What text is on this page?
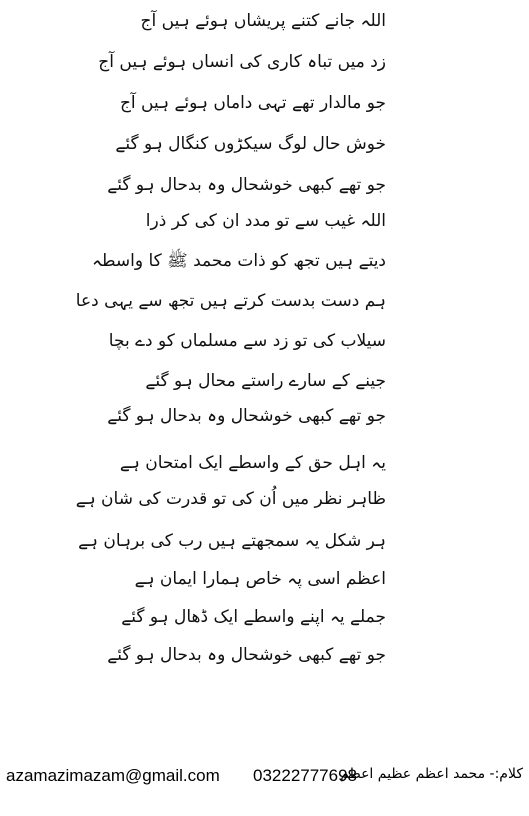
اللہ جانے کتنے پریشاں ہوئے ہیں آج
زد میں تباہ کاری کی انساں ہوئے ہیں آج
جو مالدار تھے تہی داماں ہوئے ہیں آج
خوش حال لوگ سیکڑوں کنگال ہو گئے
جو تھے کبھی خوشحال وہ بدحال ہو گئے
اللہ غیب سے تو مدد ان کی کر ذرا
دیتے ہیں تجھ کو ذات محمد ﷺ کا واسطہ
ہم دست بدست کرتے ہیں تجھ سے یہی دعا
سیلاب کی تو زد سے مسلماں کو دے بچا
جینے کے سارے راستے محال ہو گئے
جو تھے کبھی خوشحال وہ بدحال ہو گئے
یہ اہل حق کے واسطے ایک امتحان ہے
ظاہر نظر میں اُن کی تو قدرت کی شان ہے
ہر شکل یہ سمجھتے ہیں رب کی برہان ہے
اعظم اسی پہ خاص ہمارا ایمان ہے
جملے یہ اپنے واسطے ایک ڈھال ہو گئے
جو تھے کبھی خوشحال وہ بدحال ہو گئے
azamazimazam@gmail.com 03222777698
کلام:- محمد اعظم عظیم اعظم
